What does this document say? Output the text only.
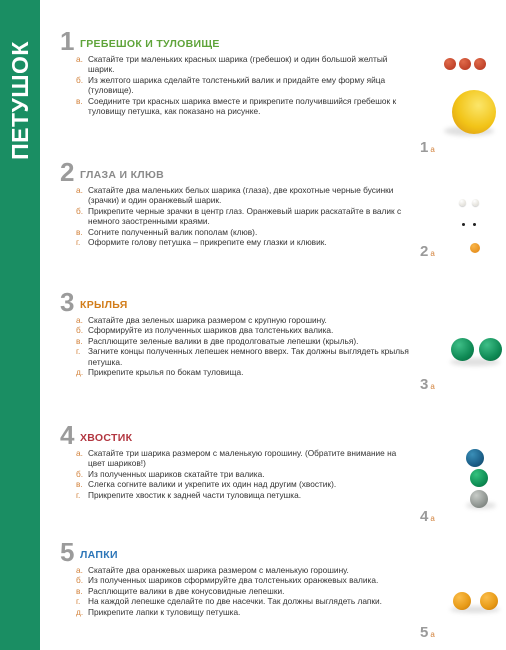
ПЕТУШОК 1 ГРЕБЕШОК И ТУЛОВИЩЕ
а. Скатайте три маленьких красных шарика (гребешок) и один большой желтый шарик.
б. Из желтого шарика сделайте толстенький валик и придайте ему форму яйца (туловище).
в. Соедините три красных шарика вместе и прикрепите получившийся гребешок к туловищу петушка, как показано на рисунке.
1 а
2 ГЛАЗА И КЛЮВ
а. Скатайте два маленьких белых шарика (глаза), две крохотные черные бусинки (зрачки) и один оранжевый шарик.
б. Прикрепите черные зрачки в центр глаз. Оранжевый шарик раскатайте в валик с немного заостренными краями.
в. Согните полученный валик пополам (клюв).
г. Оформите голову петушка – прикрепите ему глазки и клювик.
2 а
3 КРЫЛЬЯ
а. Скатайте два зеленых шарика размером с крупную горошину.
б. Сформируйте из полученных шариков два толстеньких валика.
в. Расплющите зеленые валики в две продолговатые лепешки (крылья).
г. Загните концы полученных лепешек немного вверх. Так должны выглядеть крылья петушка.
д. Прикрепите крылья по бокам туловища.
3 а
4 ХВОСТИК
а. Скатайте три шарика размером с маленькую горошину. (Обратите внимание на цвет шариков!)
б. Из полученных шариков скатайте три валика.
в. Слегка согните валики и укрепите их один над другим (хвостик).
г. Прикрепите хвостик к задней части туловища петушка.
4 а
5 ЛАПКИ
а. Скатайте два оранжевых шарика размером с маленькую горошину.
б. Из полученных шариков сформируйте два толстеньких оранжевых валика.
в. Расплющите валики в две конусовидные лепешки.
г. На каждой лепешке сделайте по две насечки. Так должны выглядеть лапки.
д. Прикрепите лапки к туловищу петушка.
5 а
